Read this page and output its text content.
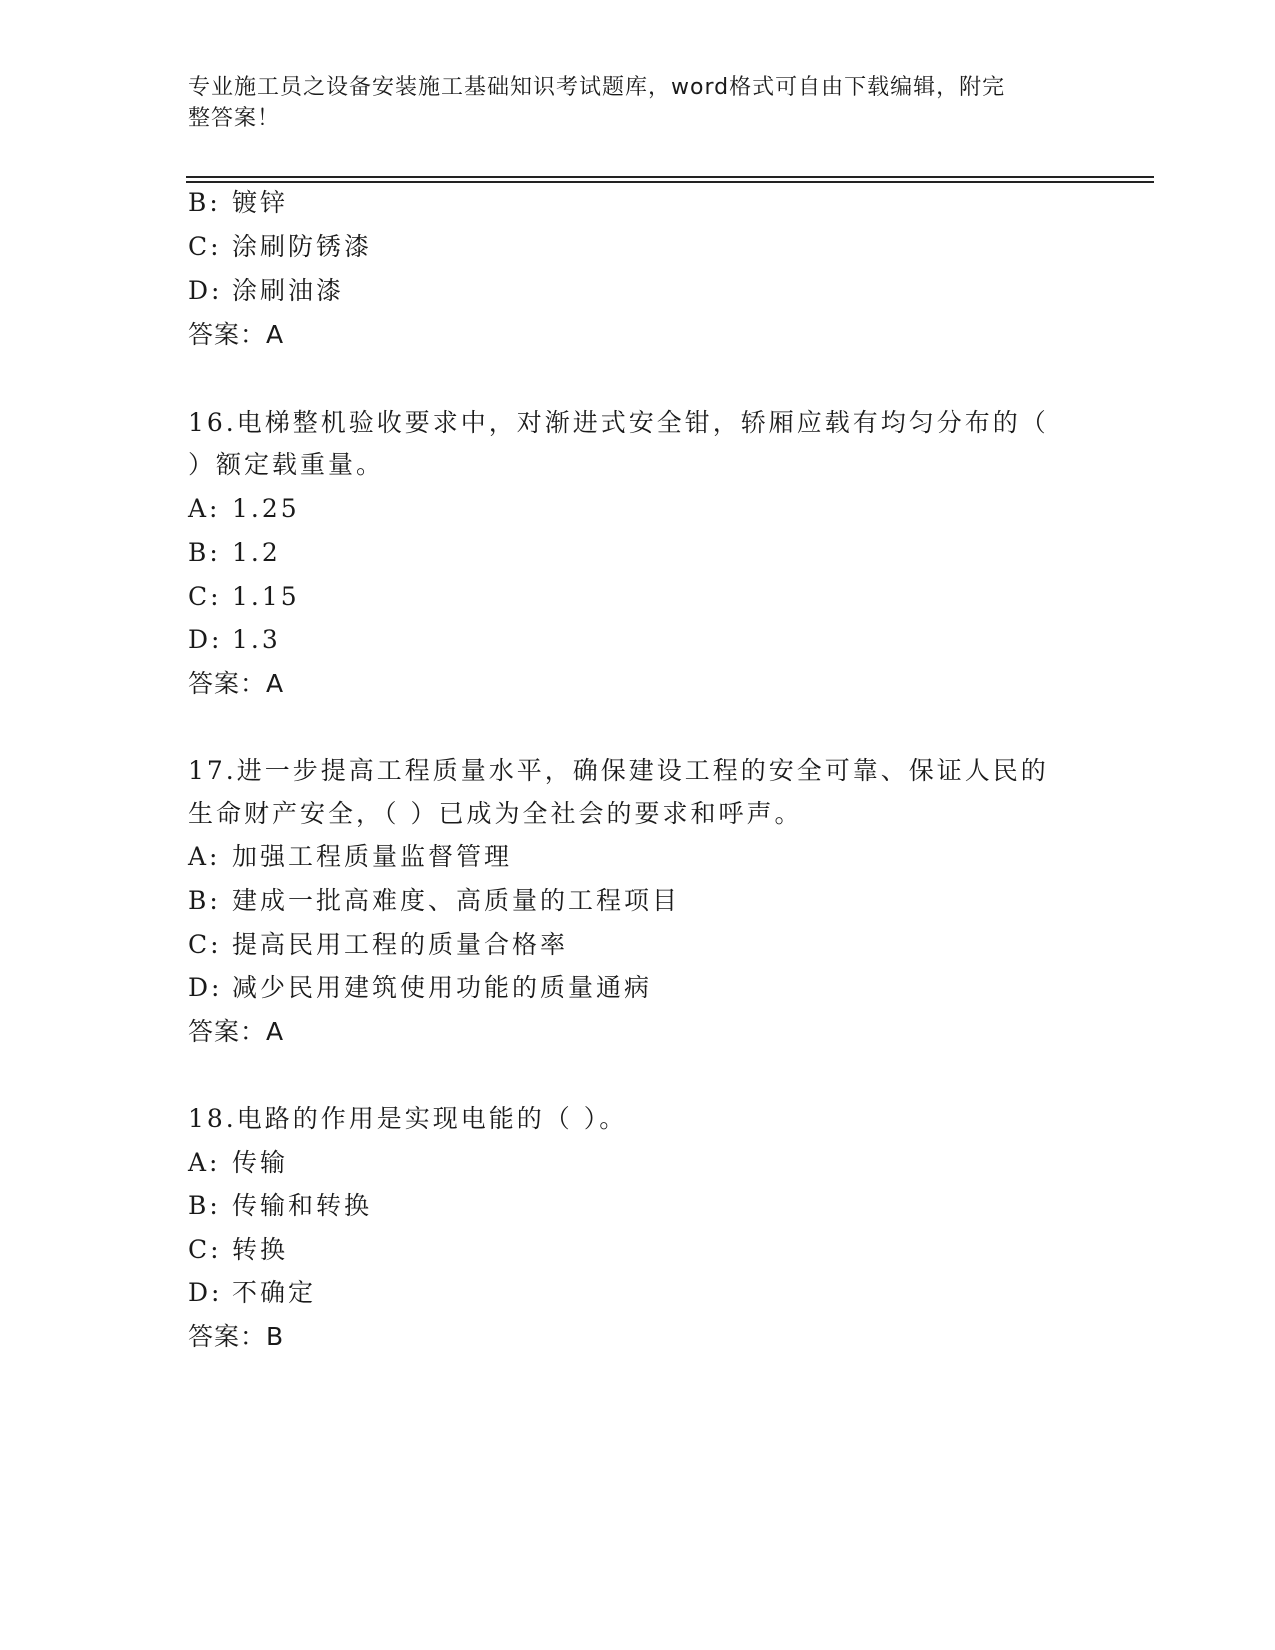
专业施工员之设备安装施工基础知识考试题库，word格式可自由下载编辑，附完
整答案！
B: 镀锌
C: 涂刷防锈漆
D: 涂刷油漆
答案：A
16.电梯整机验收要求中，对渐进式安全钳，轿厢应载有均匀分布的（
）额定载重量。
A: 1.25
B: 1.2
C: 1.15
D: 1.3
答案：A
17.进一步提高工程质量水平，确保建设工程的安全可靠、保证人民的
生命财产安全，（ ）已成为全社会的要求和呼声。
A: 加强工程质量监督管理
B: 建成一批高难度、高质量的工程项目
C: 提高民用工程的质量合格率
D: 减少民用建筑使用功能的质量通病
答案：A
18.电路的作用是实现电能的（ ）。
A: 传输
B: 传输和转换
C: 转换
D: 不确定
答案：B
